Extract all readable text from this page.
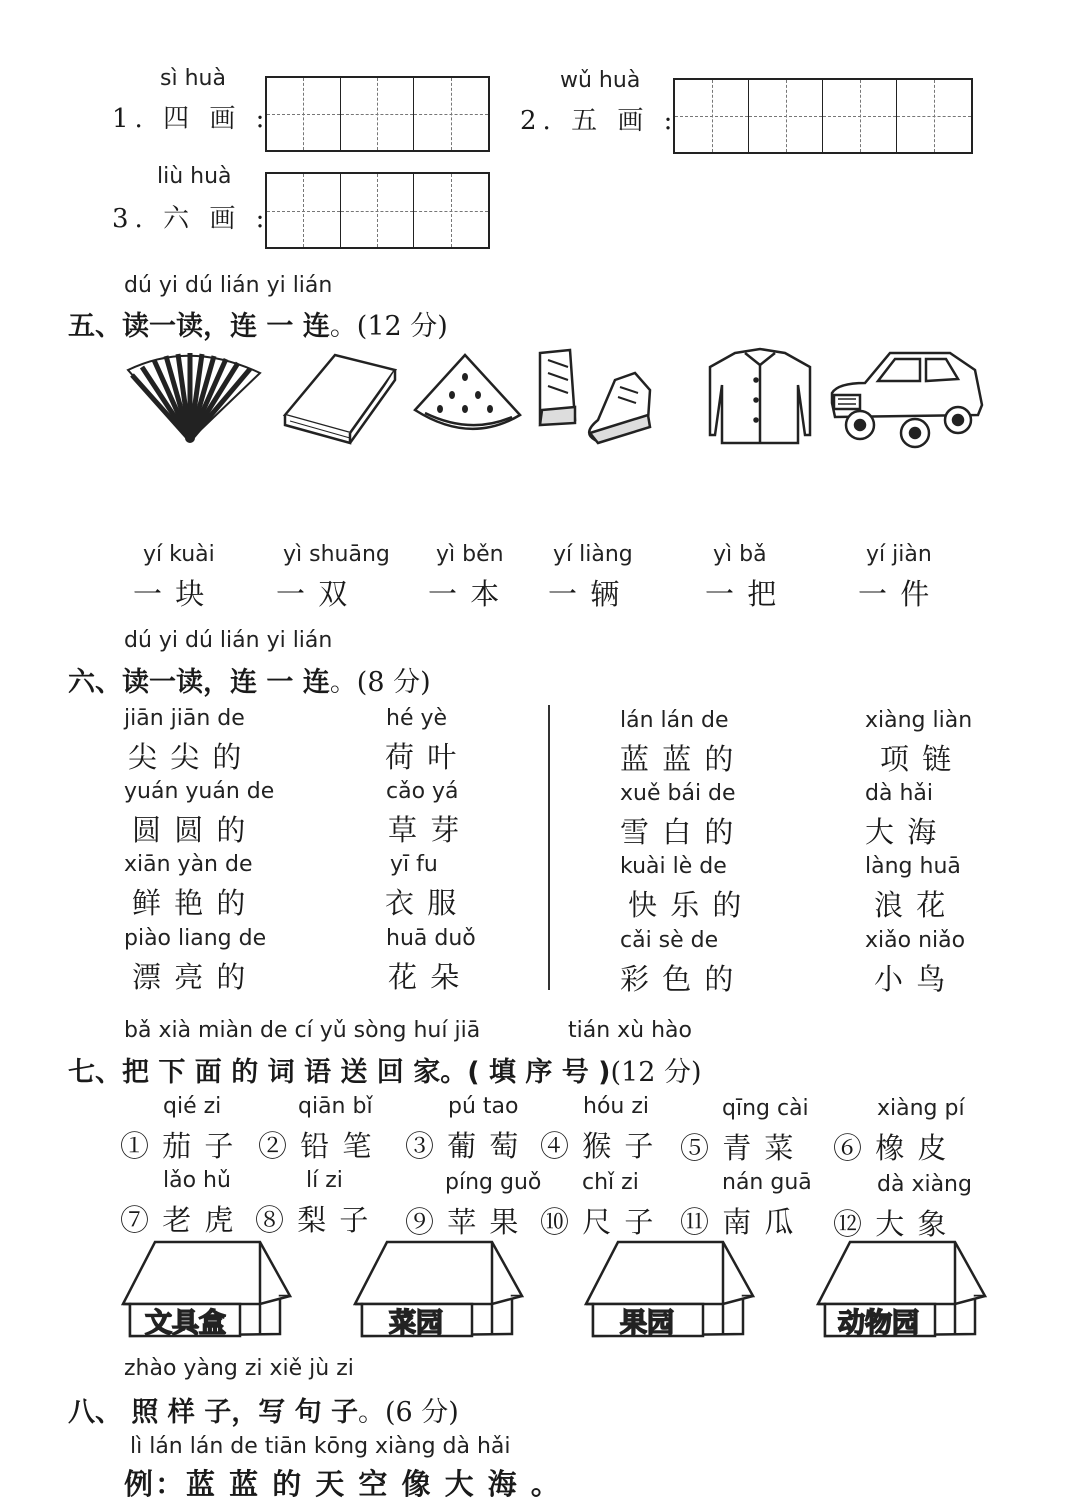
sì huà
1. 四 画 :
wǔ huà
2. 五 画 :
liù huà
3. 六 画 :
dú yi dú lián yi lián
五、读一读，连 一 连。(12 分)
yí kuài
一 块
yì shuāng
一 双
yì běn
一 本
yí liàng
一 辆
yì bǎ
一 把
yí jiàn
一 件
dú yi dú lián yi lián
六、读一读，连 一 连。(8 分)
jiān jiān de
尖 尖 的
hé yè
荷 叶
lán lán de
蓝 蓝 的
xiàng liàn
项 链
yuán yuán de
圆 圆 的
cǎo yá
草 芽
xuě bái de
雪 白 的
dà hǎi
大 海
xiān yàn de
鲜 艳 的
yī fu
衣 服
kuài lè de
快 乐 的
làng huā
浪 花
piào liang de
漂 亮 的
huā duǒ
花 朵
cǎi sè de
彩 色 的
xiǎo niǎo
小 鸟
bǎ xià miàn de cí yǔ sòng huí jiā	tián xù hào
七、把 下 面 的 词 语 送 回 家。( 填 序 号 )(12 分)
qié zi
① 茄 子
qiān bǐ
② 铅 笔
pú tao
③ 葡 萄
hóu zi
④ 猴 子
qīng cài
⑤ 青 菜
xiàng pí
⑥ 橡 皮
lǎo hǔ
⑦ 老 虎
lí zi
⑧ 梨 子
píng guǒ
⑨ 苹 果
chǐ zi
⑩ 尺 子
nán guā
⑪ 南 瓜
dà xiàng
⑫ 大 象
文具盒	菜园	果园	动物园
zhào yàng zi xiě jù zi
八、 照 样 子，写 句 子。(6 分)
lì lán lán de tiān kōng xiàng dà hǎi
例：蓝 蓝 的 天 空 像 大 海 。
